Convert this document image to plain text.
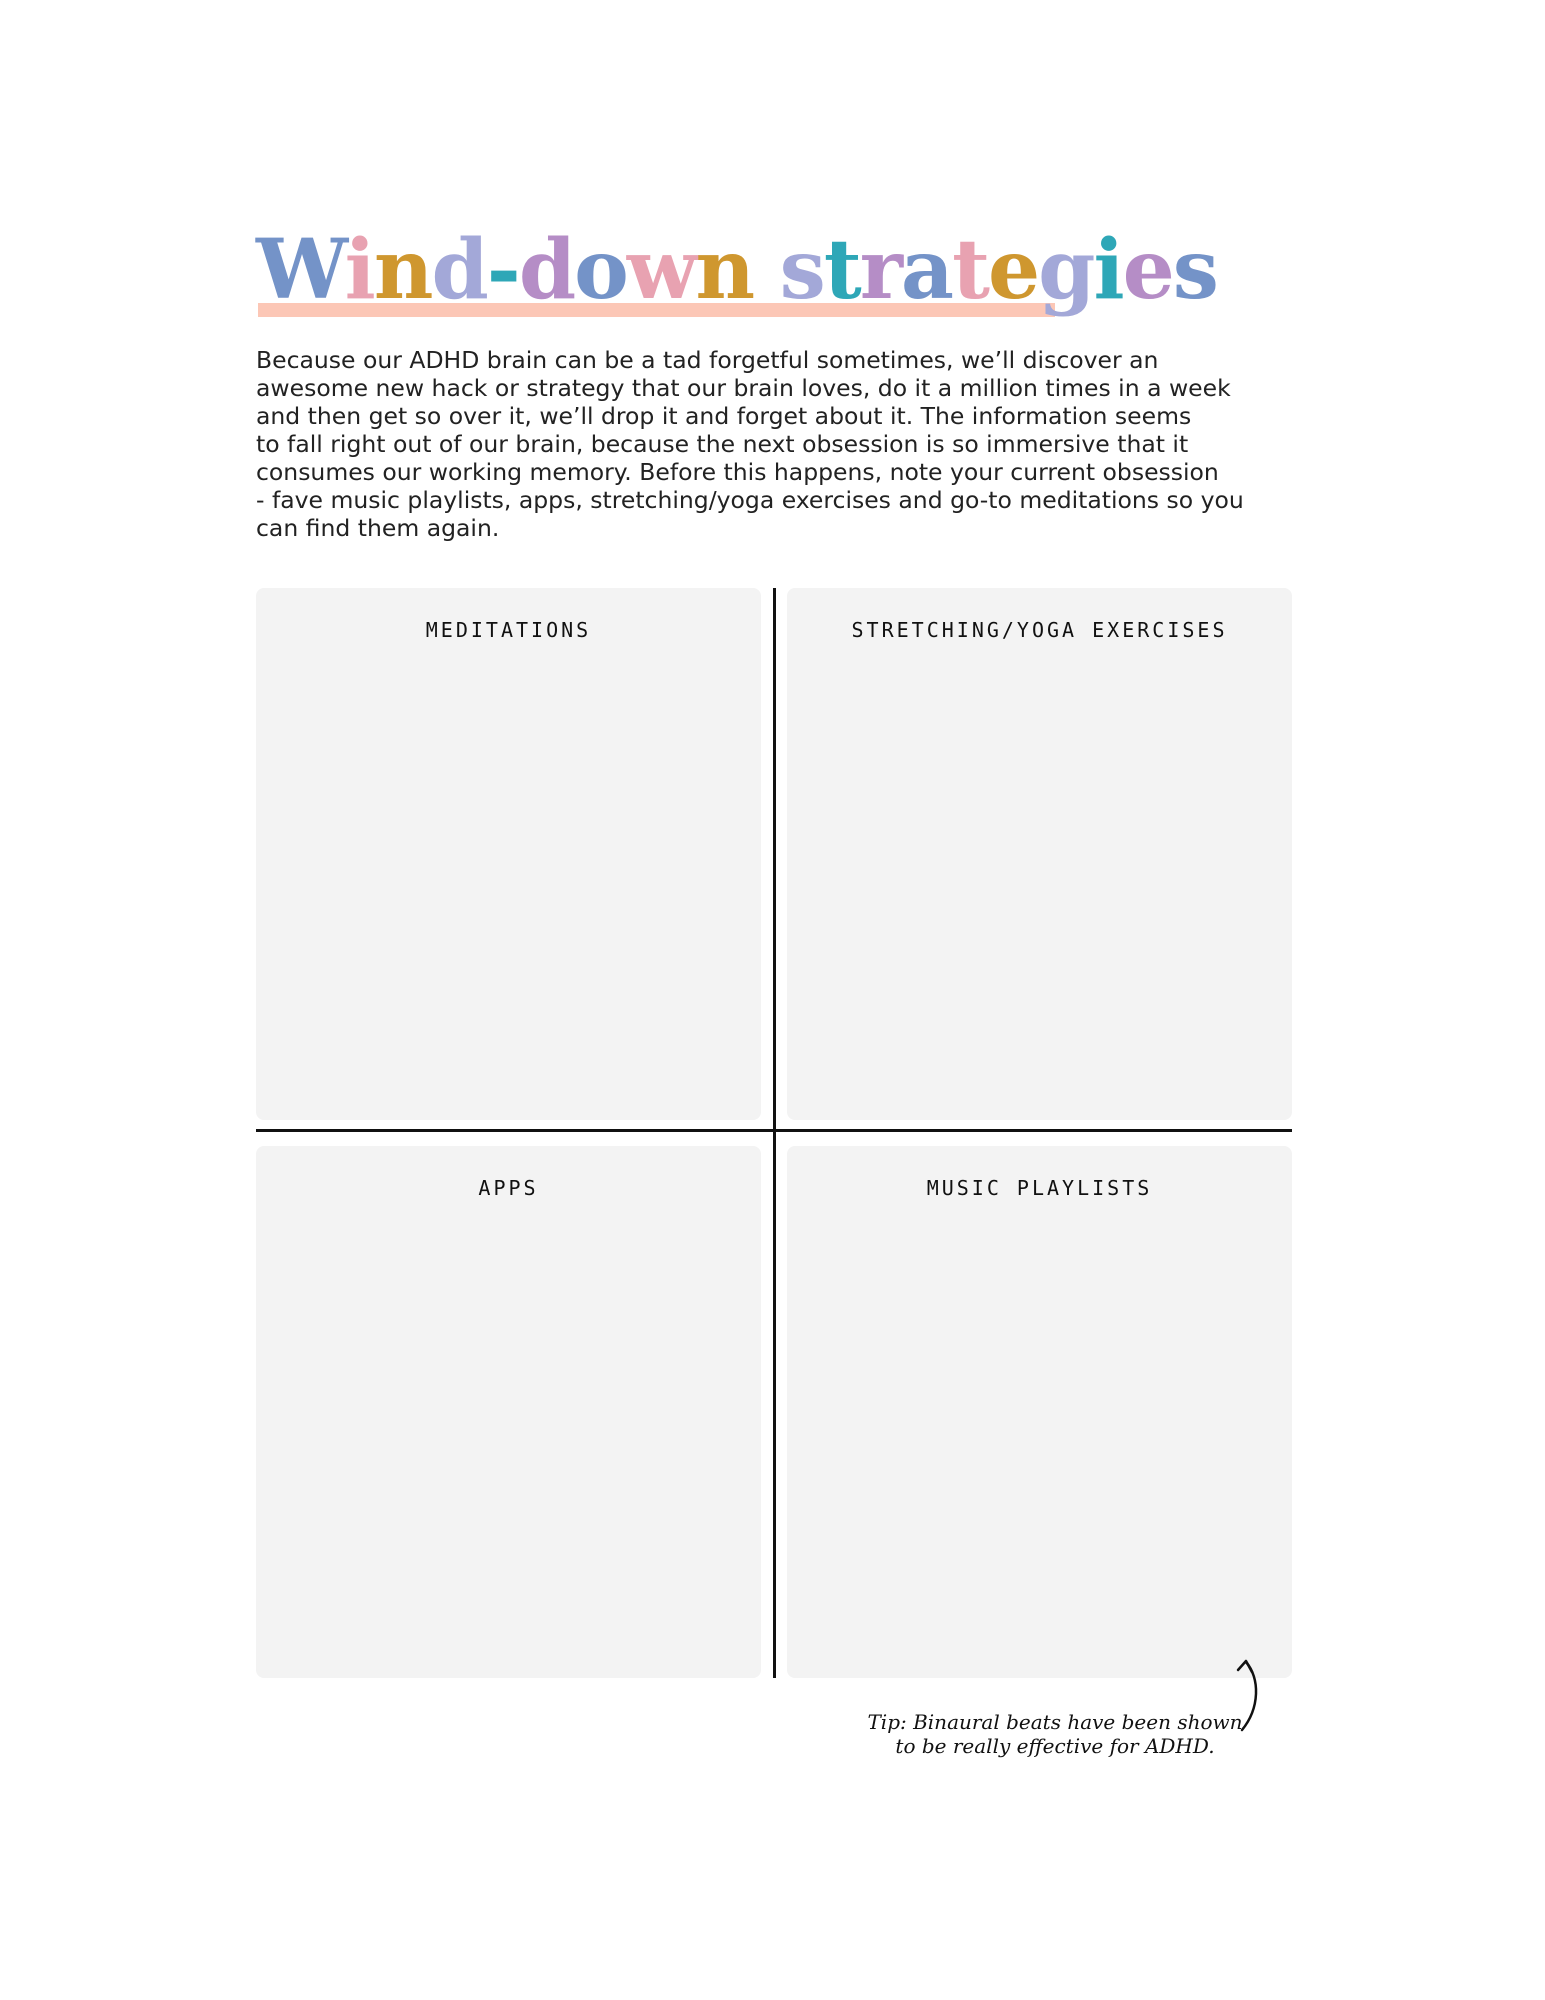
Wind-down strategies

Because our ADHD brain can be a tad forgetful sometimes, we’ll discover an
awesome new hack or strategy that our brain loves, do it a million times in a week
and then get so over it, we’ll drop it and forget about it. The information seems
to fall right out of our brain, because the next obsession is so immersive that it
consumes our working memory. Before this happens, note your current obsession
- fave music playlists, apps, stretching/yoga exercises and go-to meditations so you
can find them again.

MEDITATIONS	STRETCHING/YOGA EXERCISES
APPS	MUSIC PLAYLISTS
Tip: Binaural beats have been shown
to be really effective for ADHD.
